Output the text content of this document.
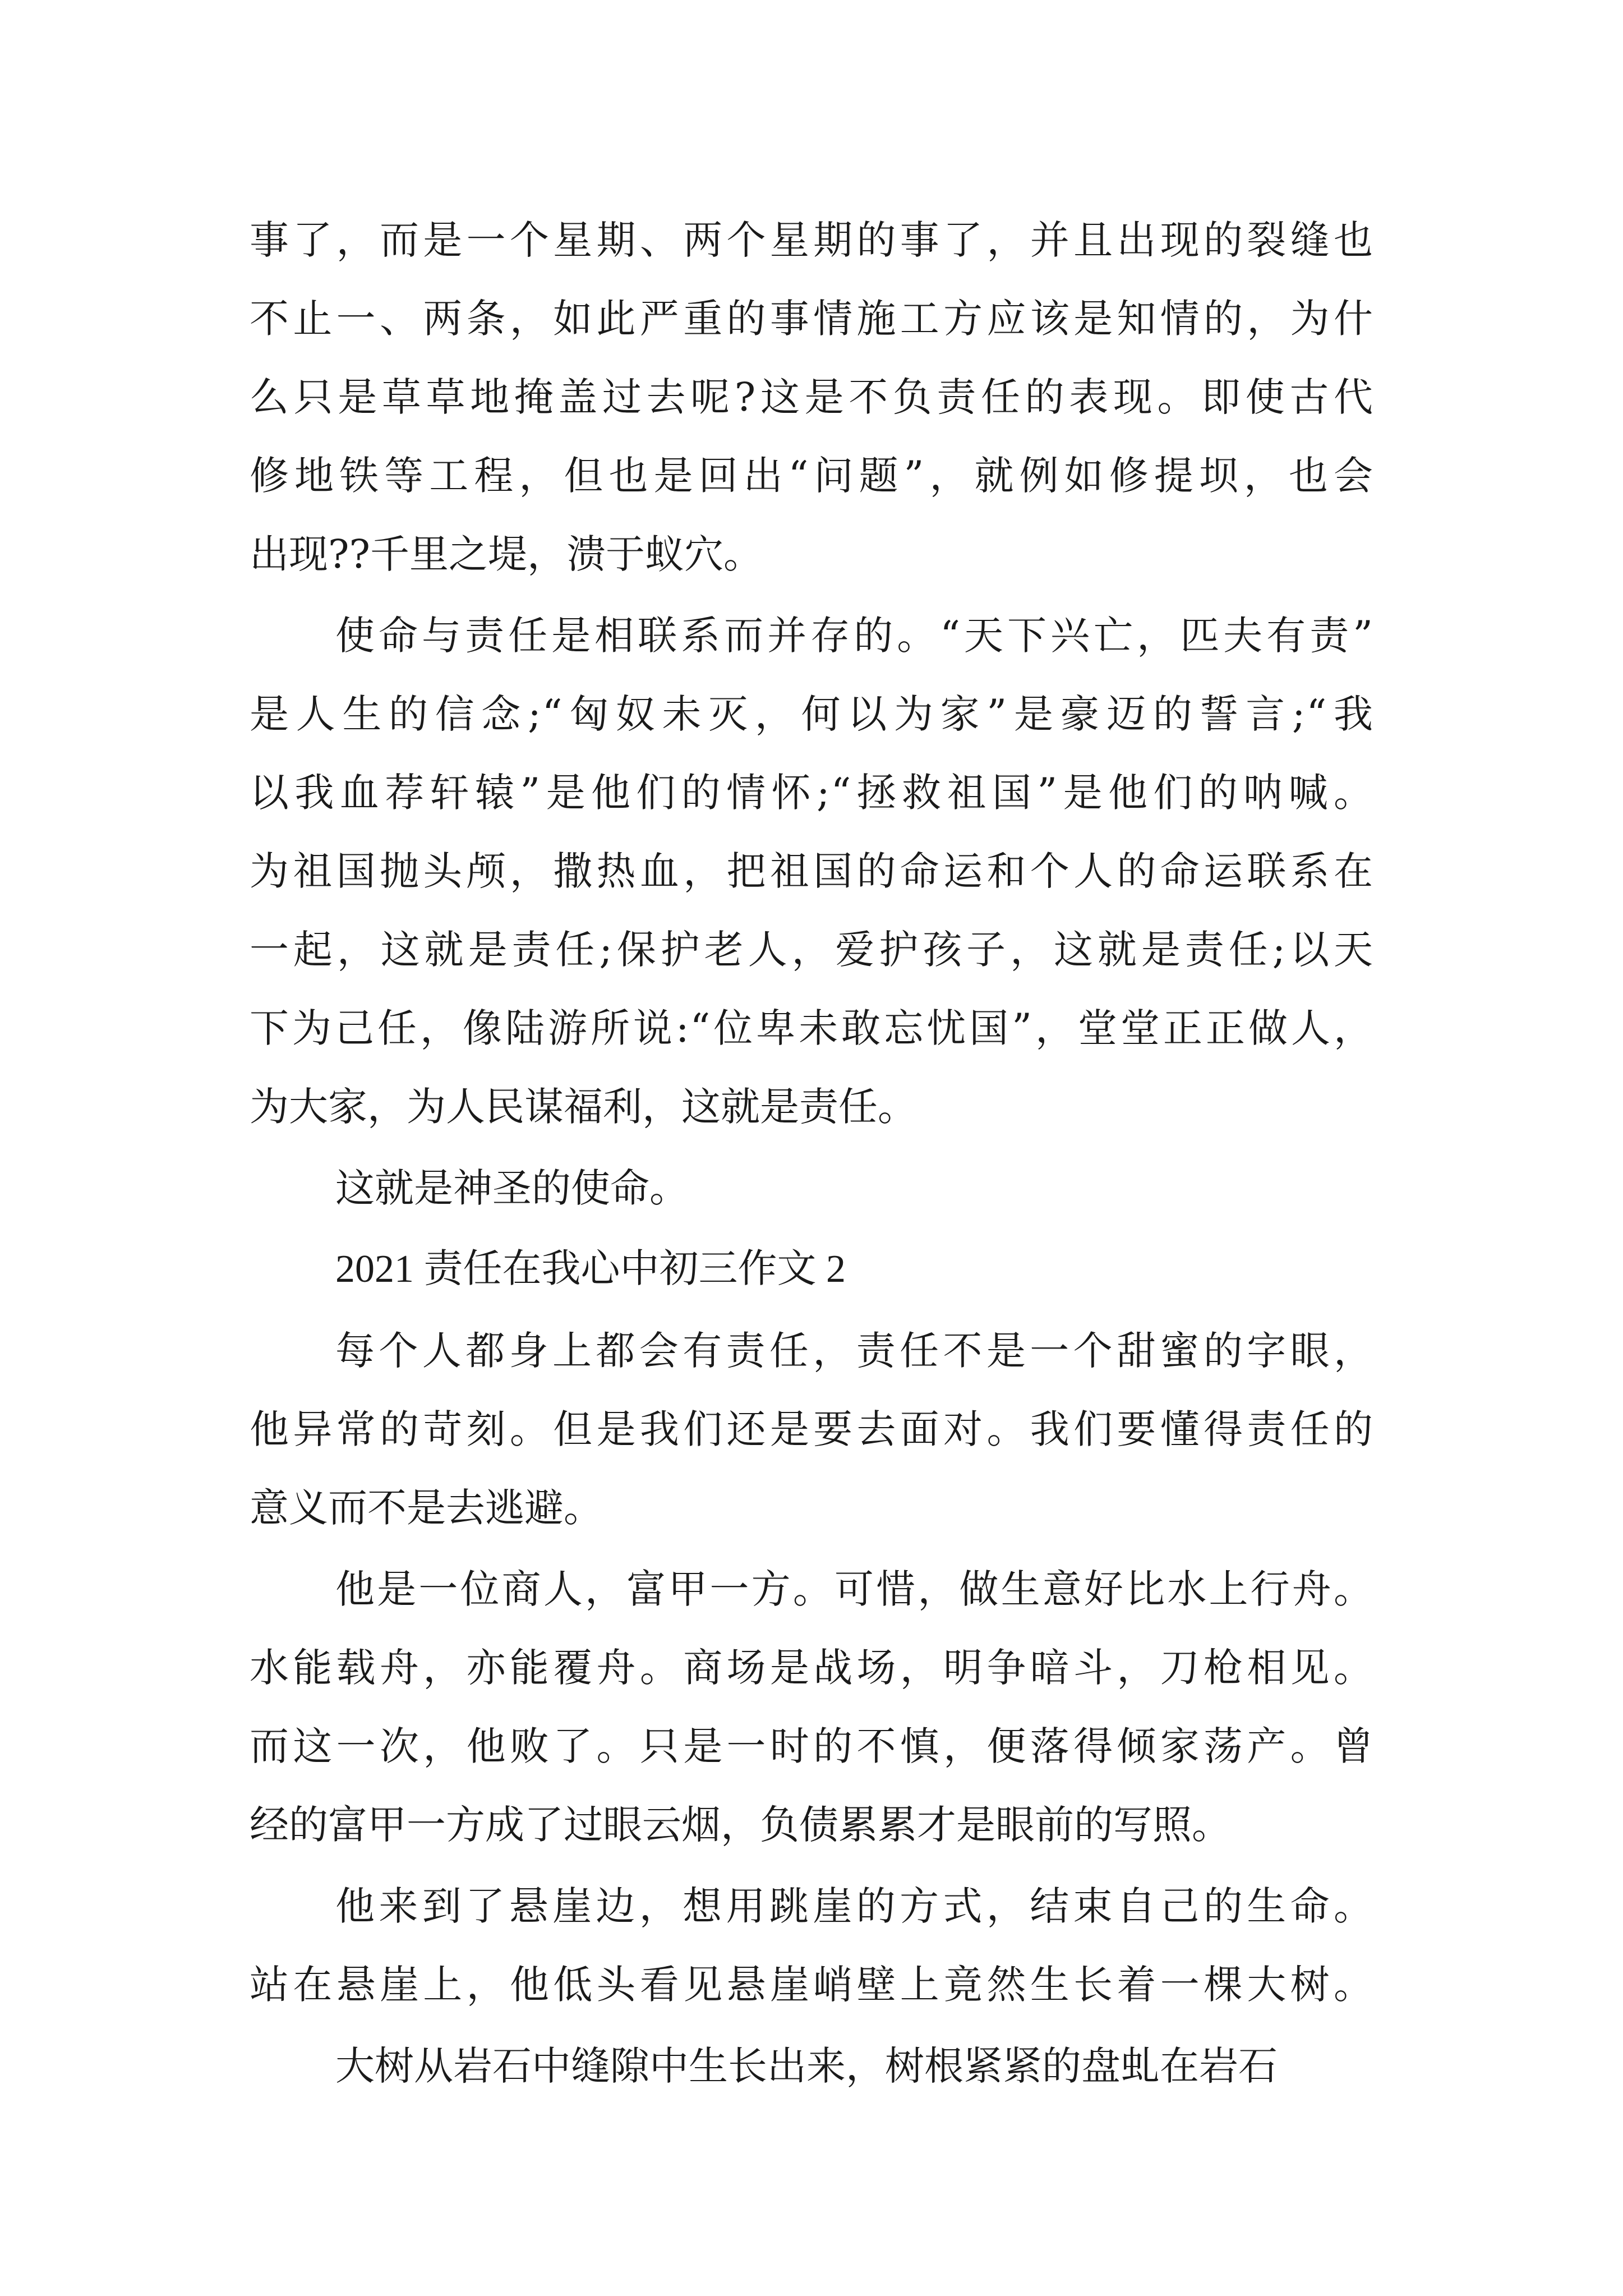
事了，而是一个星期、两个星期的事了，并且出现的裂缝也
不止一、两条，如此严重的事情施工方应该是知情的，为什
么只是草草地掩盖过去呢?这是不负责任的表现。即使古代
修地铁等工程，但也是回出“问题”，就例如修提坝，也会
出现??千里之堤，溃于蚁穴。
使命与责任是相联系而并存的。“天下兴亡，匹夫有责”
是人生的信念;“匈奴未灭，何以为家”是豪迈的誓言;“我
以我血荐轩辕”是他们的情怀;“拯救祖国”是他们的呐喊。
为祖国抛头颅，撒热血，把祖国的命运和个人的命运联系在
一起，这就是责任;保护老人，爱护孩子，这就是责任;以天
下为己任，像陆游所说:“位卑未敢忘忧国”，堂堂正正做人，
为大家，为人民谋福利，这就是责任。
这就是神圣的使命。
2021 责任在我心中初三作文 2
每个人都身上都会有责任，责任不是一个甜蜜的字眼，
他异常的苛刻。但是我们还是要去面对。我们要懂得责任的
意义而不是去逃避。
他是一位商人，富甲一方。可惜，做生意好比水上行舟。
水能载舟，亦能覆舟。商场是战场，明争暗斗，刀枪相见。
而这一次，他败了。只是一时的不慎，便落得倾家荡产。曾
经的富甲一方成了过眼云烟，负债累累才是眼前的写照。
他来到了悬崖边，想用跳崖的方式，结束自己的生命。
站在悬崖上，他低头看见悬崖峭壁上竟然生长着一棵大树。
大树从岩石中缝隙中生长出来，树根紧紧的盘虬在岩石
